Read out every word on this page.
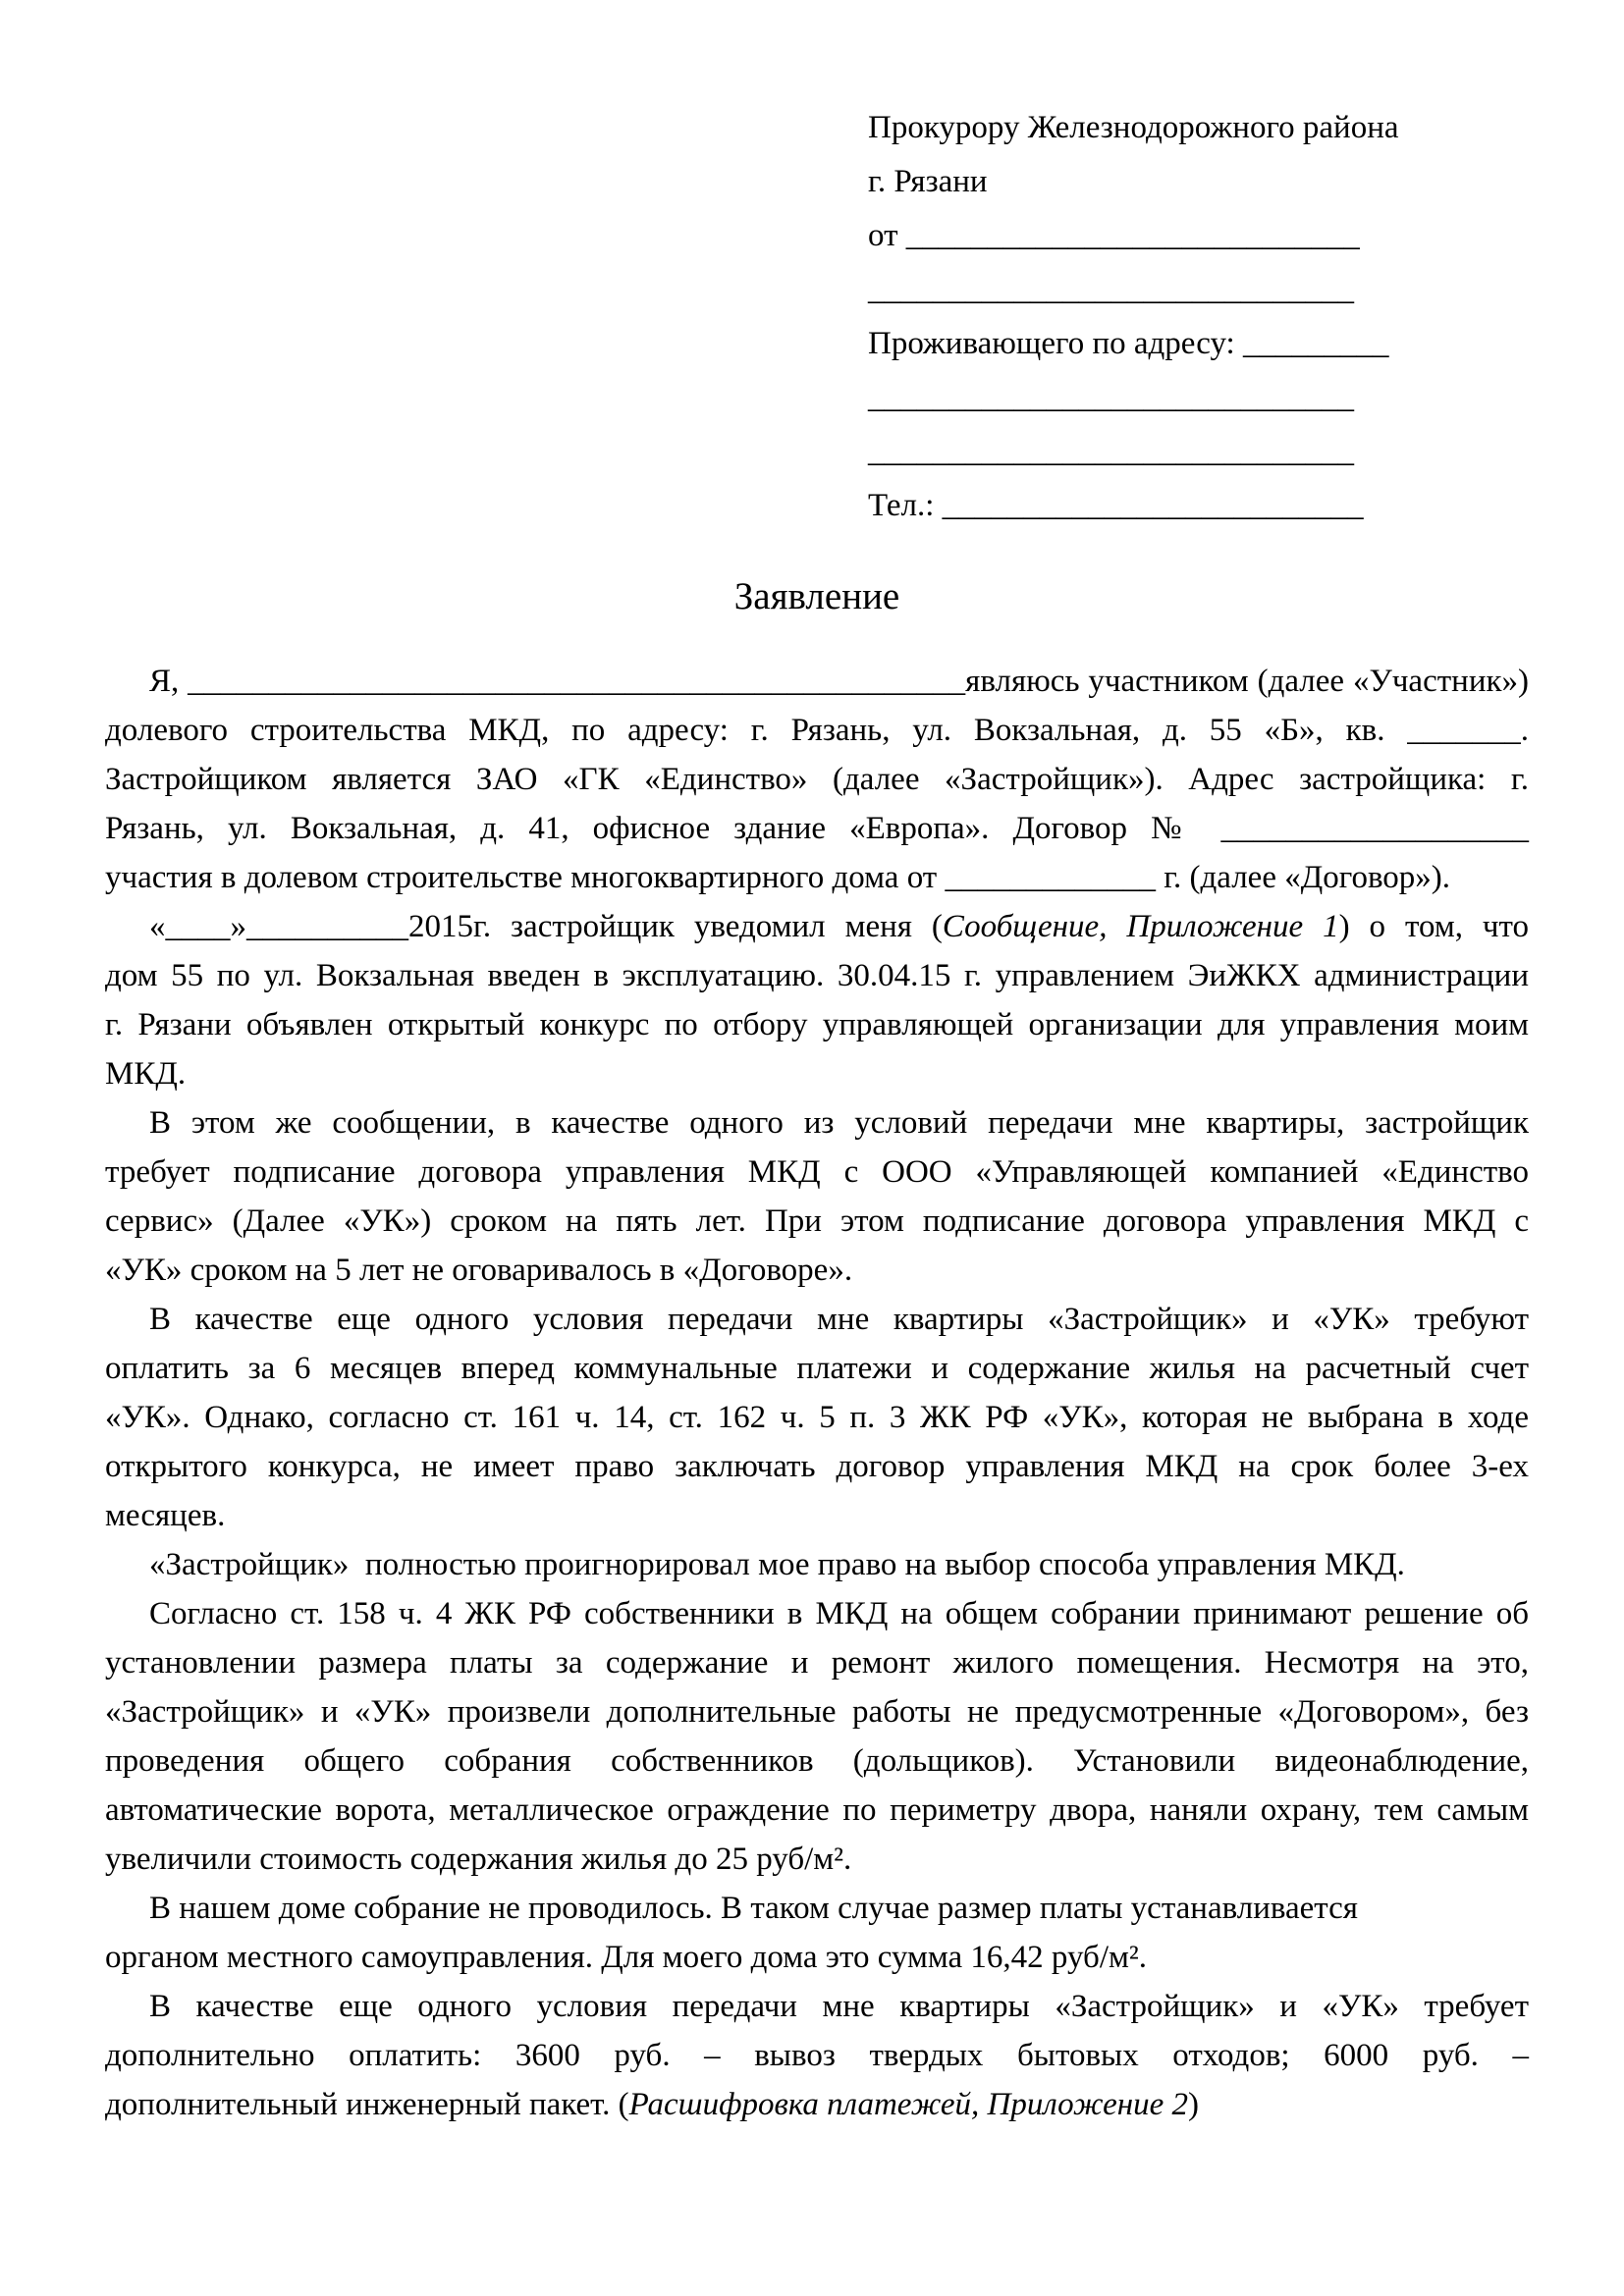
Прокурору Железнодорожного района
г. Рязани
от ____________________________
______________________________
Проживающего по адресу: _________
______________________________
______________________________
Тел.: __________________________
Заявление
Я, ________________________________________________являюсь участником (далее «Участник»)
долевого строительства МКД, по адресу: г. Рязань, ул. Вокзальная, д. 55 «Б», кв. _______.
Застройщиком является ЗАО «ГК «Единство» (далее «Застройщик»). Адрес застройщика: г.
Рязань, ул. Вокзальная, д. 41, офисное здание «Европа». Договор № ___________________
участия в долевом строительстве многоквартирного дома от _____________ г. (далее «Договор»).
«____»__________2015г. застройщик уведомил меня (Сообщение, Приложение 1) о том, что
дом 55 по ул. Вокзальная введен в эксплуатацию. 30.04.15 г. управлением ЭиЖКХ администрации
г. Рязани объявлен открытый конкурс по отбору управляющей организации для управления моим
МКД.
В этом же сообщении, в качестве одного из условий передачи мне квартиры, застройщик
требует подписание договора управления МКД с ООО «Управляющей компанией «Единство
сервис» (Далее «УК») сроком на пять лет. При этом подписание договора управления МКД с
«УК» сроком на 5 лет не оговаривалось в «Договоре».
В качестве еще одного условия передачи мне квартиры «Застройщик» и «УК» требуют
оплатить за 6 месяцев вперед коммунальные платежи и содержание жилья на расчетный счет
«УК». Однако, согласно ст. 161 ч. 14, ст. 162 ч. 5 п. 3 ЖК РФ «УК», которая не выбрана в ходе
открытого конкурса, не имеет право заключать договор управления МКД на срок более 3-ех
месяцев.
«Застройщик»  полностью проигнорировал мое право на выбор способа управления МКД.
Согласно ст. 158 ч. 4 ЖК РФ собственники в МКД на общем собрании принимают решение об
установлении размера платы за содержание и ремонт жилого помещения. Несмотря на это,
«Застройщик» и «УК» произвели дополнительные работы не предусмотренные «Договором», без
проведения общего собрания собственников (дольщиков). Установили видеонаблюдение,
автоматические ворота, металлическое ограждение по периметру двора, наняли охрану, тем самым
увеличили стоимость содержания жилья до 25 руб/м².
В нашем доме собрание не проводилось. В таком случае размер платы устанавливается
органом местного самоуправления. Для моего дома это сумма 16,42 руб/м².
В качестве еще одного условия передачи мне квартиры «Застройщик» и «УК» требует
дополнительно оплатить: 3600 руб. – вывоз твердых бытовых отходов; 6000 руб. –
дополнительный инженерный пакет. (Расшифровка платежей, Приложение 2)
